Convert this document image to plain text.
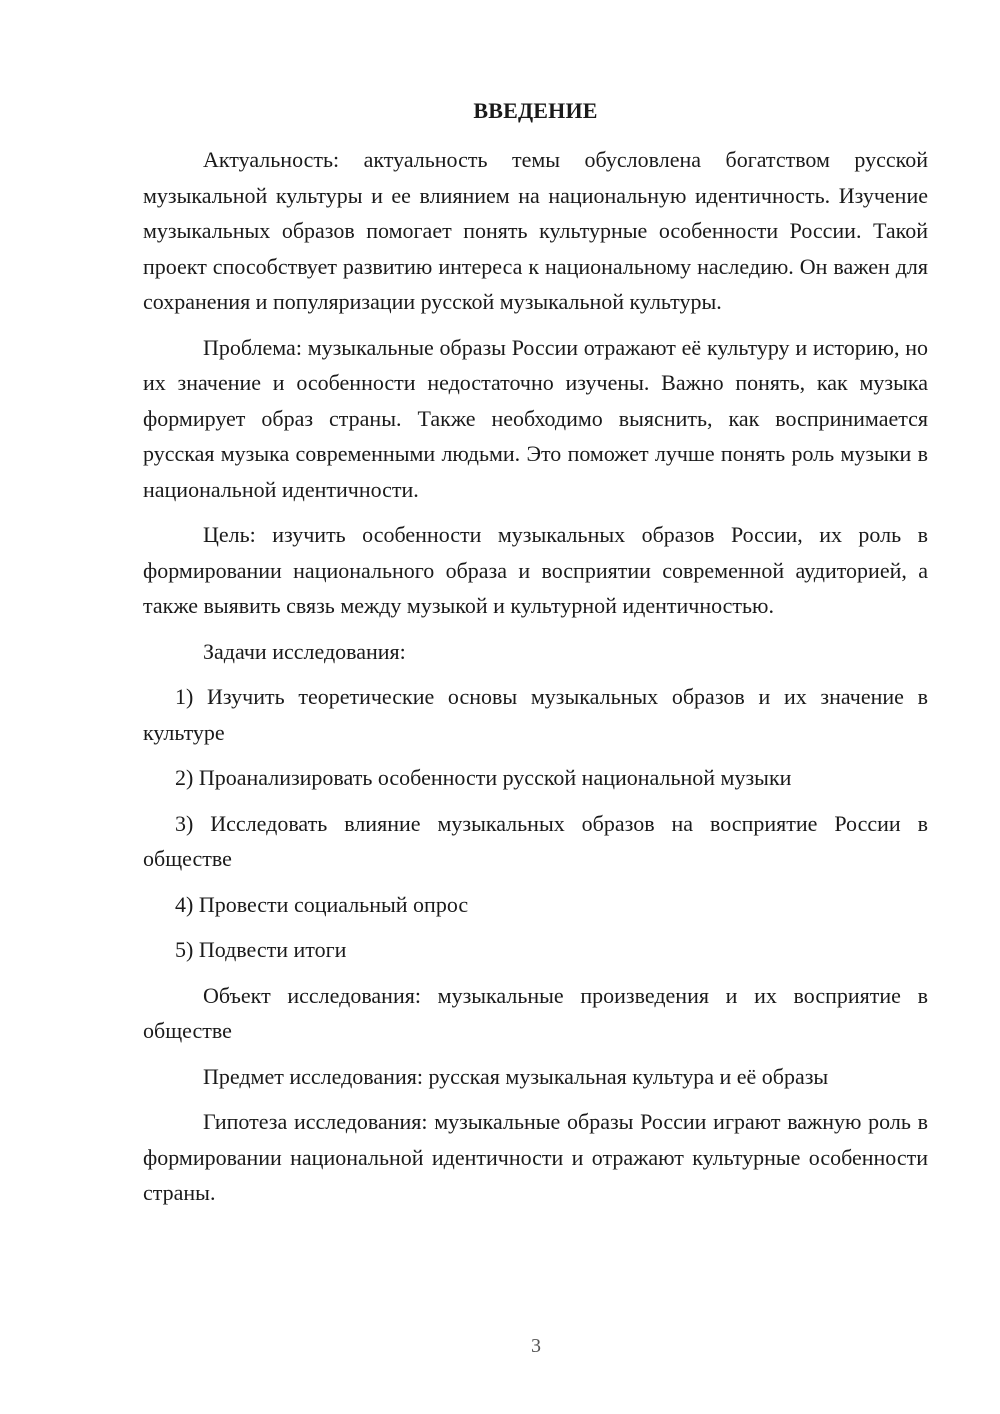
ВВЕДЕНИЕ

Актуальность: актуальность темы обусловлена богатством русской музыкальной культуры и ее влиянием на национальную идентичность. Изучение музыкальных образов помогает понять культурные особенности России. Такой проект способствует развитию интереса к национальному наследию. Он важен для сохранения и популяризации русской музыкальной культуры.

Проблема: музыкальные образы России отражают её культуру и историю, но их значение и особенности недостаточно изучены. Важно понять, как музыка формирует образ страны. Также необходимо выяснить, как воспринимается русская музыка современными людьми. Это поможет лучше понять роль музыки в национальной идентичности.

Цель: изучить особенности музыкальных образов России, их роль в формировании национального образа и восприятии современной аудиторией, а также выявить связь между музыкой и культурной идентичностью.

Задачи исследования:

1) Изучить теоретические основы музыкальных образов и их значение в культуре

2) Проанализировать особенности русской национальной музыки

3) Исследовать влияние музыкальных образов на восприятие России в обществе

4) Провести социальный опрос

5) Подвести итоги

Объект исследования: музыкальные произведения и их восприятие в обществе

Предмет исследования: русская музыкальная культура и её образы

Гипотеза исследования: музыкальные образы России играют важную роль в формировании национальной идентичности и отражают культурные особенности страны.

3
